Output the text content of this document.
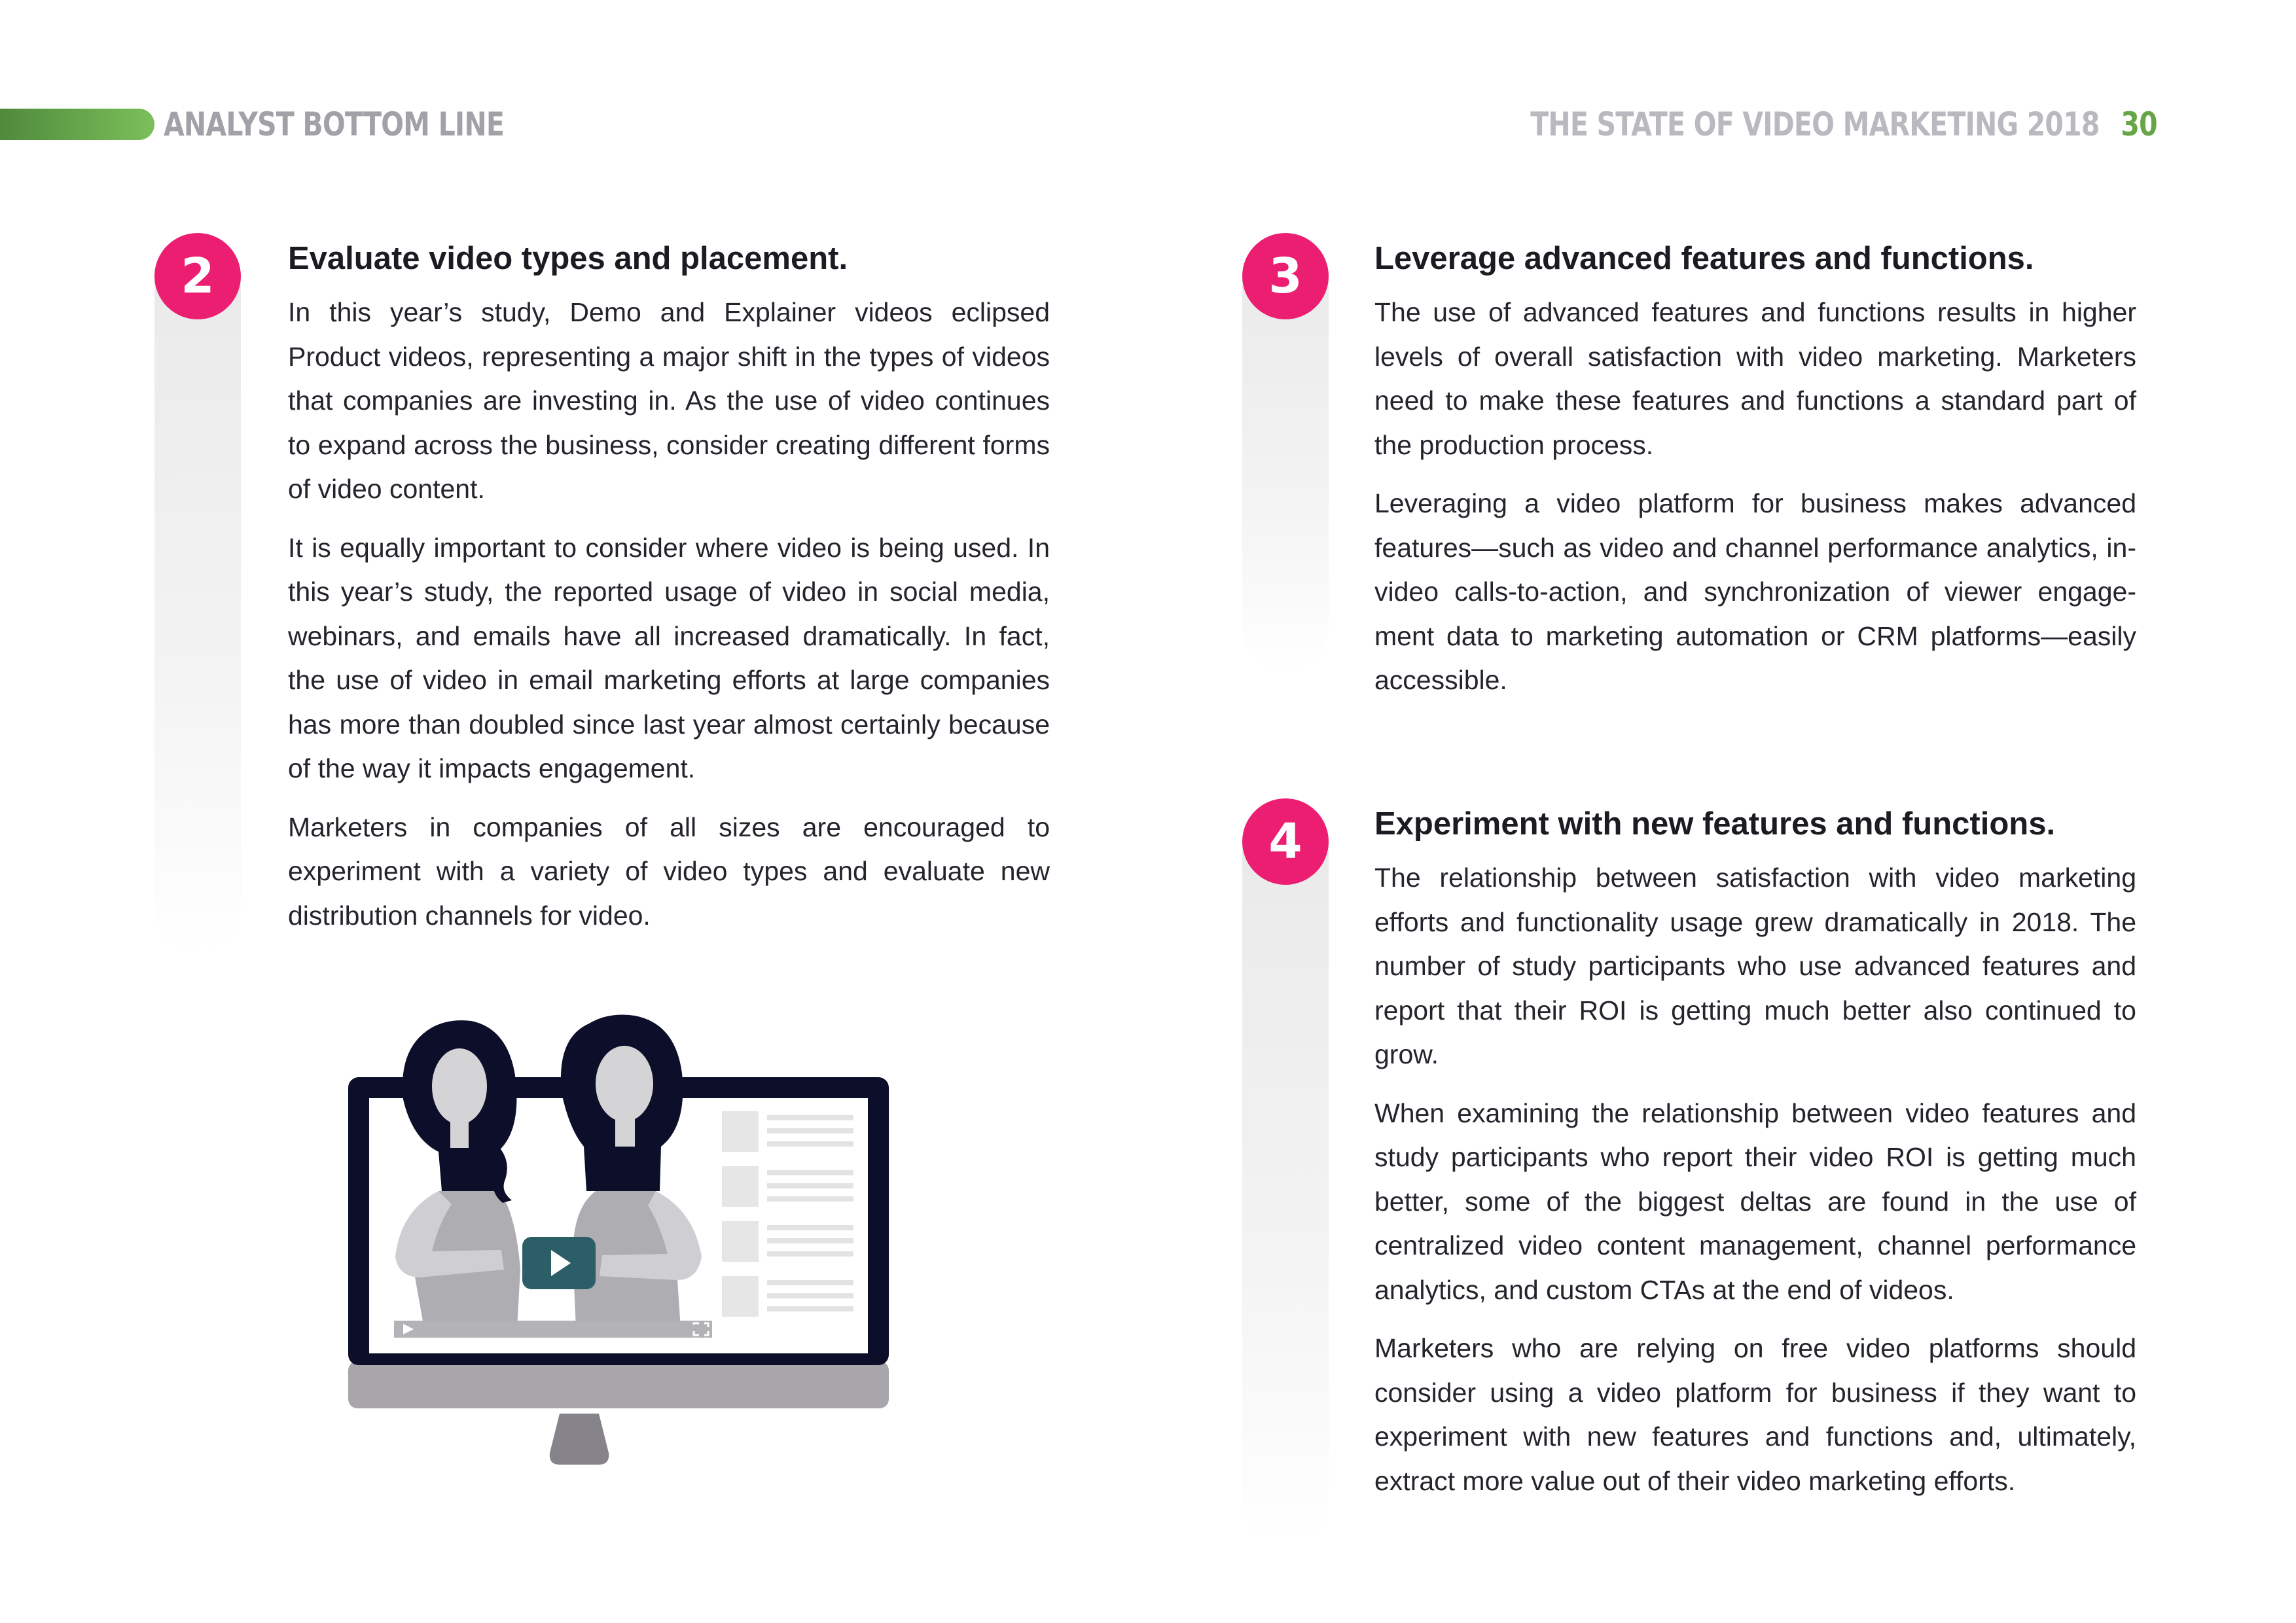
ANALYST BOTTOM LINE	THE STATE OF VIDEO MARKETING 2018 30
2	Evaluate video types and placement.

In this year’s study, Demo and Explainer videos eclipsed Product videos, representing a major shift in the types of videos that companies are investing in. As the use of video continues to expand across the business, consider creating different forms of video content.

It is equally important to consider where video is being used. In this year’s study, the reported usage of video in social media, webinars, and emails have all increased dramatically. In fact, the use of video in email marketing efforts at large companies has more than doubled since last year almost certainly because of the way it impacts engagement.

Marketers in companies of all sizes are encouraged to experiment with a variety of video types and evaluate new distribution channels for video.

3	Leverage advanced features and functions.

The use of advanced features and functions results in higher levels of overall satisfaction with video marketing. Marketers need to make these features and functions a standard part of the production process.

Leveraging a video platform for business makes advanced features—such as video and channel performance analytics, in-video calls-to-action, and synchronization of viewer engagement data to marketing automation or CRM platforms—easily accessible.

4	Experiment with new features and functions.

The relationship between satisfaction with video marketing efforts and functionality usage grew dramatically in 2018. The number of study participants who use advanced features and report that their ROI is getting much better also continued to grow.

When examining the relationship between video features and study participants who report their video ROI is getting much better, some of the biggest deltas are found in the use of centralized video content management, channel performance analytics, and custom CTAs at the end of videos.

Marketers who are relying on free video platforms should consider using a video platform for business if they want to experiment with new features and functions and, ultimately, extract more value out of their video marketing efforts.
